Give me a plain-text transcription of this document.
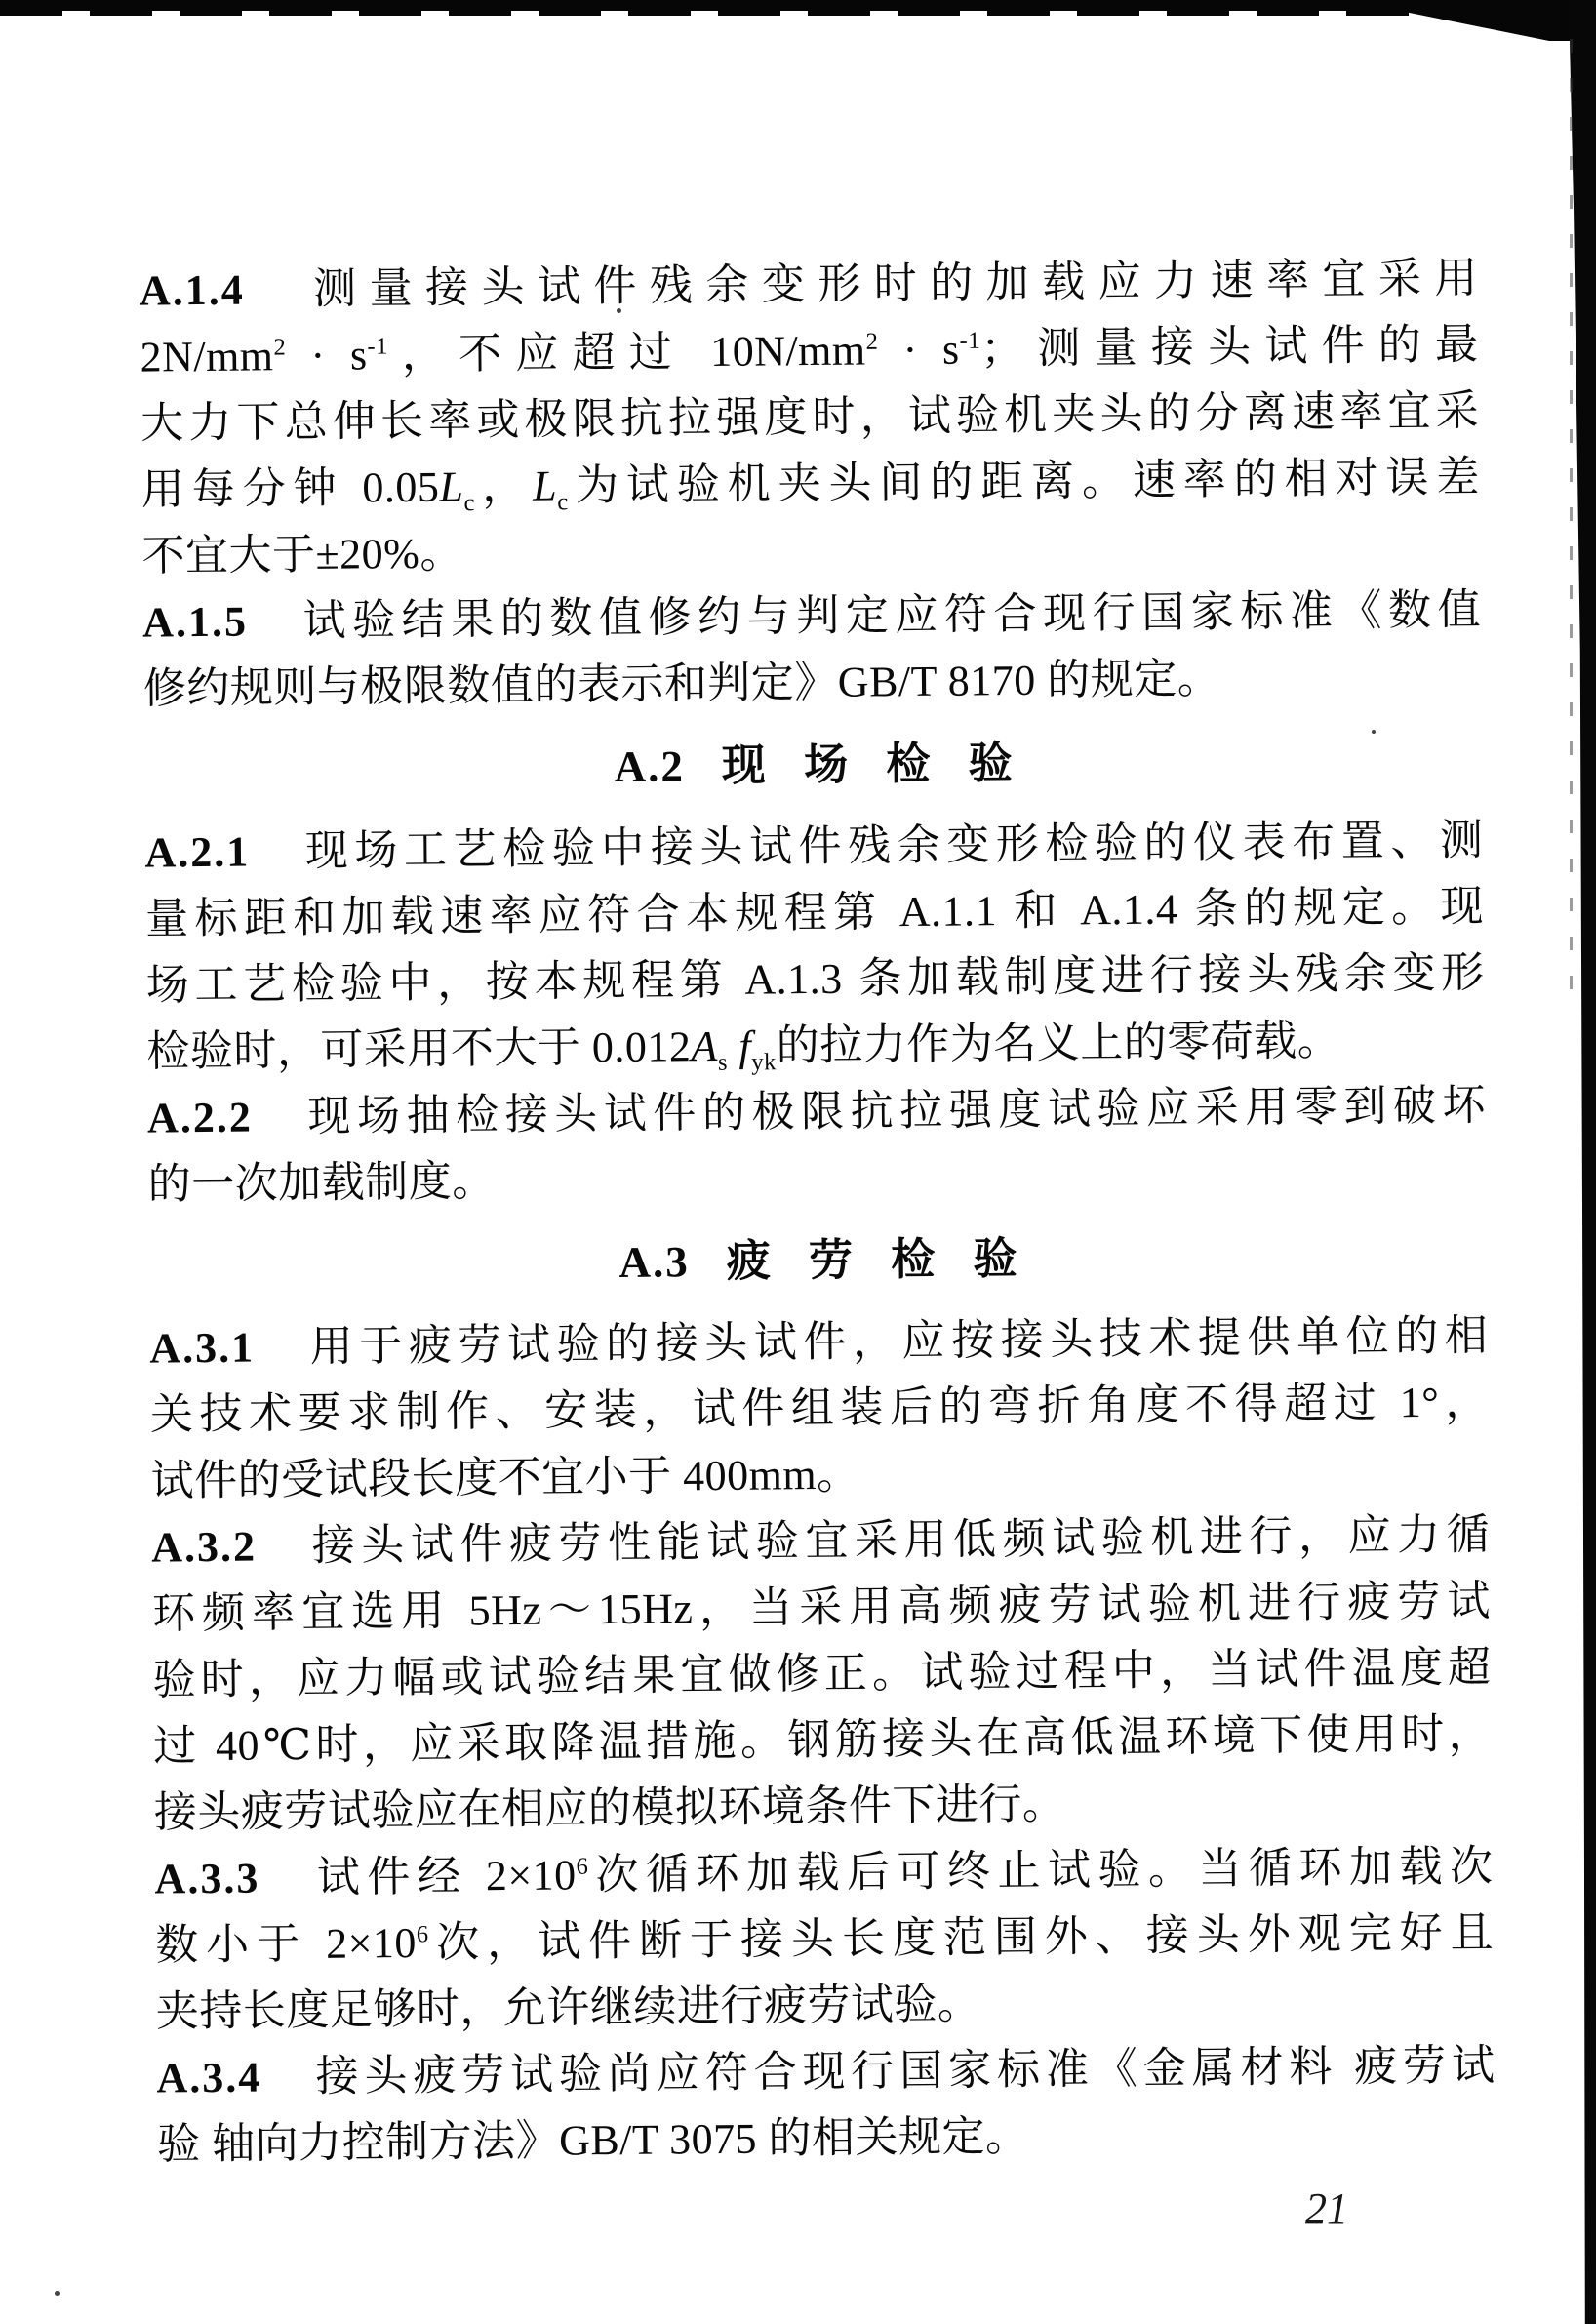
A.1.4　测量接头试件残余变形时的加载应力速率宜采用
$2N/mm^2 \cdot s^{-1}$，不应超过 $10N/mm^2 \cdot s^{-1}$；测量接头试件的最
大力下总伸长率或极限抗拉强度时，试验机夹头的分离速率宜采
用每分钟 $0.05L_c$，$L_c$为试验机夹头间的距离。速率的相对误差
不宜大于±20%。
A.1.5　试验结果的数值修约与判定应符合现行国家标准《数值
修约规则与极限数值的表示和判定》GB/T 8170 的规定。
A.2 现 场 检 验
A.2.1　现场工艺检验中接头试件残余变形检验的仪表布置、测
量标距和加载速率应符合本规程第 A.1.1 和 A.1.4 条的规定。现
场工艺检验中，按本规程第 A.1.3 条加载制度进行接头残余变形
检验时，可采用不大于 $0.012A_s$ $f_{yk}$的拉力作为名义上的零荷载。
A.2.2　现场抽检接头试件的极限抗拉强度试验应采用零到破坏
的一次加载制度。
A.3 疲 劳 检 验
A.3.1　用于疲劳试验的接头试件，应按接头技术提供单位的相
关技术要求制作、安装，试件组装后的弯折角度不得超过 1°，
试件的受试段长度不宜小于 400mm。
A.3.2　接头试件疲劳性能试验宜采用低频试验机进行，应力循
环频率宜选用 5Hz～15Hz，当采用高频疲劳试验机进行疲劳试
验时，应力幅或试验结果宜做修正。试验过程中，当试件温度超
过 40℃时，应采取降温措施。钢筋接头在高低温环境下使用时，
接头疲劳试验应在相应的模拟环境条件下进行。
A.3.3　试件经 $2\times 10^6$次循环加载后可终止试验。当循环加载次
数小于 $2\times 10^6$次，试件断于接头长度范围外、接头外观完好且
夹持长度足够时，允许继续进行疲劳试验。
A.3.4　接头疲劳试验尚应符合现行国家标准《金属材料 疲劳试
验 轴向力控制方法》GB/T 3075 的相关规定。
21
